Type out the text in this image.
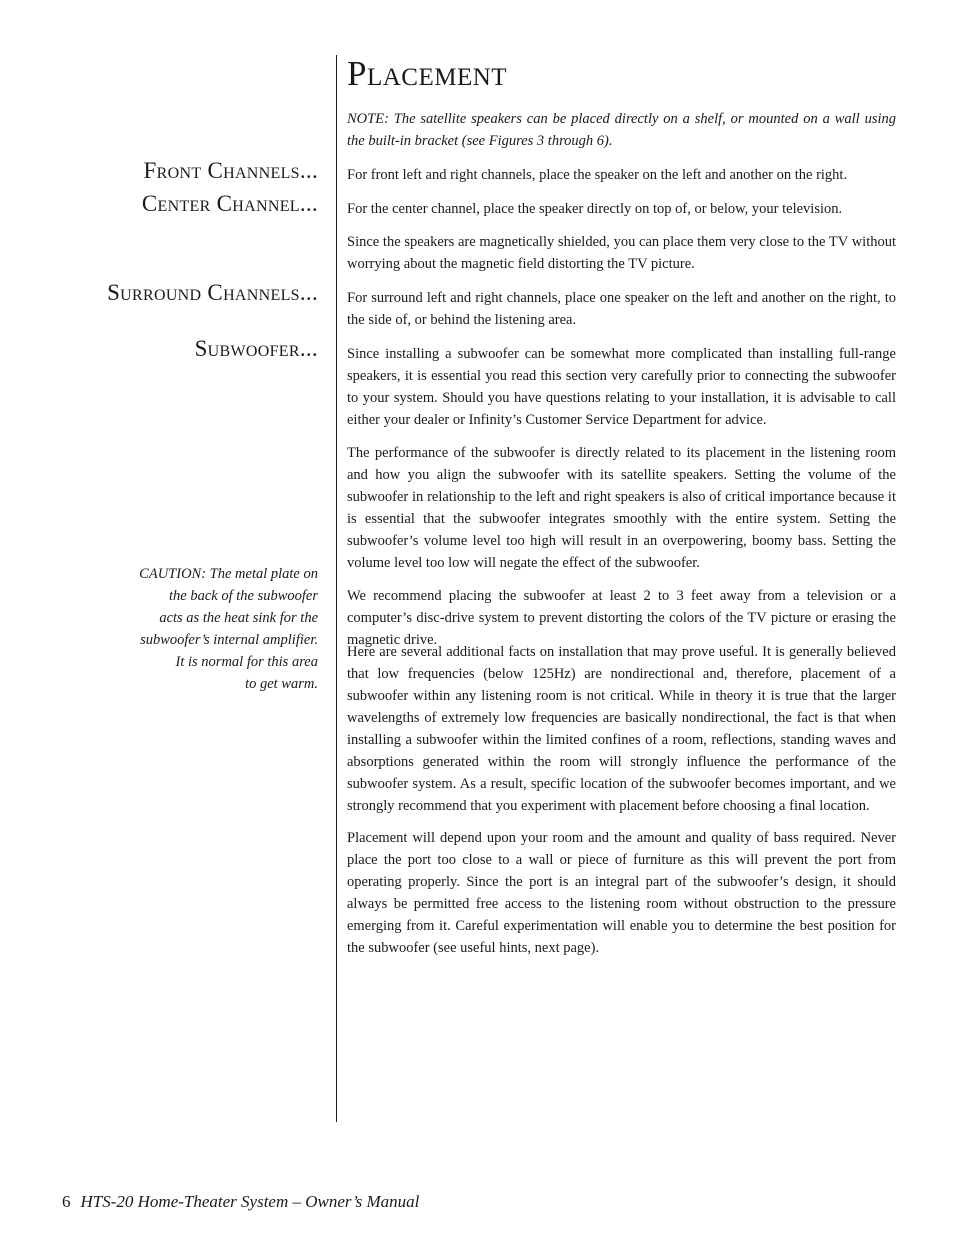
Placement
Front Channels...
Center Channel...
Surround Channels...
Subwoofer...
CAUTION: The metal plate on
the back of the subwoofer
acts as the heat sink for the
subwoofer’s internal amplifier.
It is normal for this area
to get warm.

NOTE: The satellite speakers can be placed directly on a shelf, or mounted on a wall using the built-in bracket (see Figures 3 through 6).

For front left and right channels, place the speaker on the left and another on the right.

For the center channel, place the speaker directly on top of, or below, your television.

Since the speakers are magnetically shielded, you can place them very close to the TV without worrying about the magnetic field distorting the TV picture.

For surround left and right channels, place one speaker on the left and another on the right, to the side of, or behind the listening area.

Since installing a subwoofer can be somewhat more complicated than installing full-range speakers, it is essential you read this section very carefully prior to connecting the subwoofer to your system. Should you have questions relating to your installation, it is advisable to call either your dealer or Infinity’s Customer Service Department for advice.

The performance of the subwoofer is directly related to its placement in the listening room and how you align the subwoofer with its satellite speakers. Setting the volume of the subwoofer in relationship to the left and right speakers is also of critical importance because it is essential that the subwoofer integrates smoothly with the entire system. Setting the subwoofer’s volume level too high will result in an overpowering, boomy bass. Setting the volume level too low will negate the effect of the subwoofer.

We recommend placing the subwoofer at least 2 to 3 feet away from a television or a computer’s disc-drive system to prevent distorting the colors of the TV picture or erasing the magnetic drive.

Here are several additional facts on installation that may prove useful. It is generally believed that low frequencies (below 125Hz) are nondirectional and, therefore, placement of a subwoofer within any listening room is not critical. While in theory it is true that the larger wavelengths of extremely low frequencies are basically nondirectional, the fact is that when installing a subwoofer within the limited confines of a room, reflections, standing waves and absorptions generated within the room will strongly influence the performance of the subwoofer system. As a result, specific location of the subwoofer becomes important, and we strongly recommend that you experiment with placement before choosing a final location.

Placement will depend upon your room and the amount and quality of bass required. Never place the port too close to a wall or piece of furniture as this will prevent the port from operating properly. Since the port is an integral part of the subwoofer’s design, it should always be permitted free access to the listening room without obstruction to the pressure emerging from it. Careful experimentation will enable you to determine the best position for the subwoofer (see useful hints, next page).

6 HTS-20 Home-Theater System – Owner’s Manual
